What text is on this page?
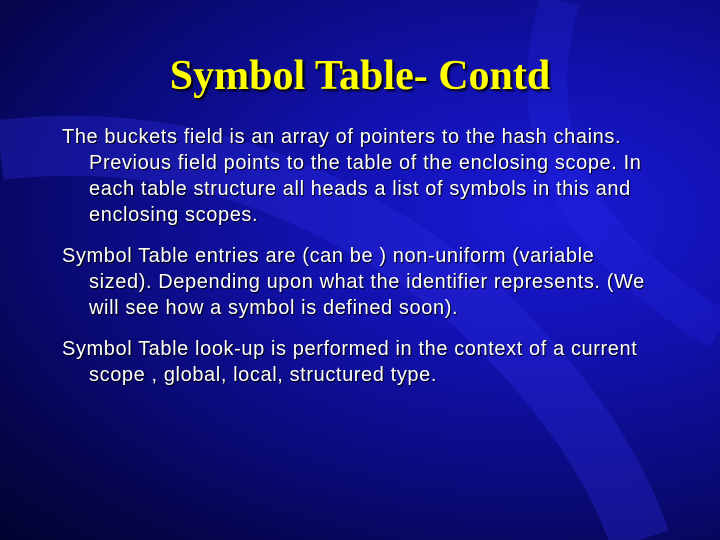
Symbol Table- Contd
The buckets field is an array of pointers to the hash chains. Previous field points to the table of the enclosing scope. In each table structure all heads a list of symbols in this and enclosing scopes.
Symbol Table entries are (can be ) non-uniform (variable sized). Depending upon what the identifier represents. (We will see how a symbol is defined soon).
Symbol Table look-up is performed in the context of a current scope , global, local, structured type.
